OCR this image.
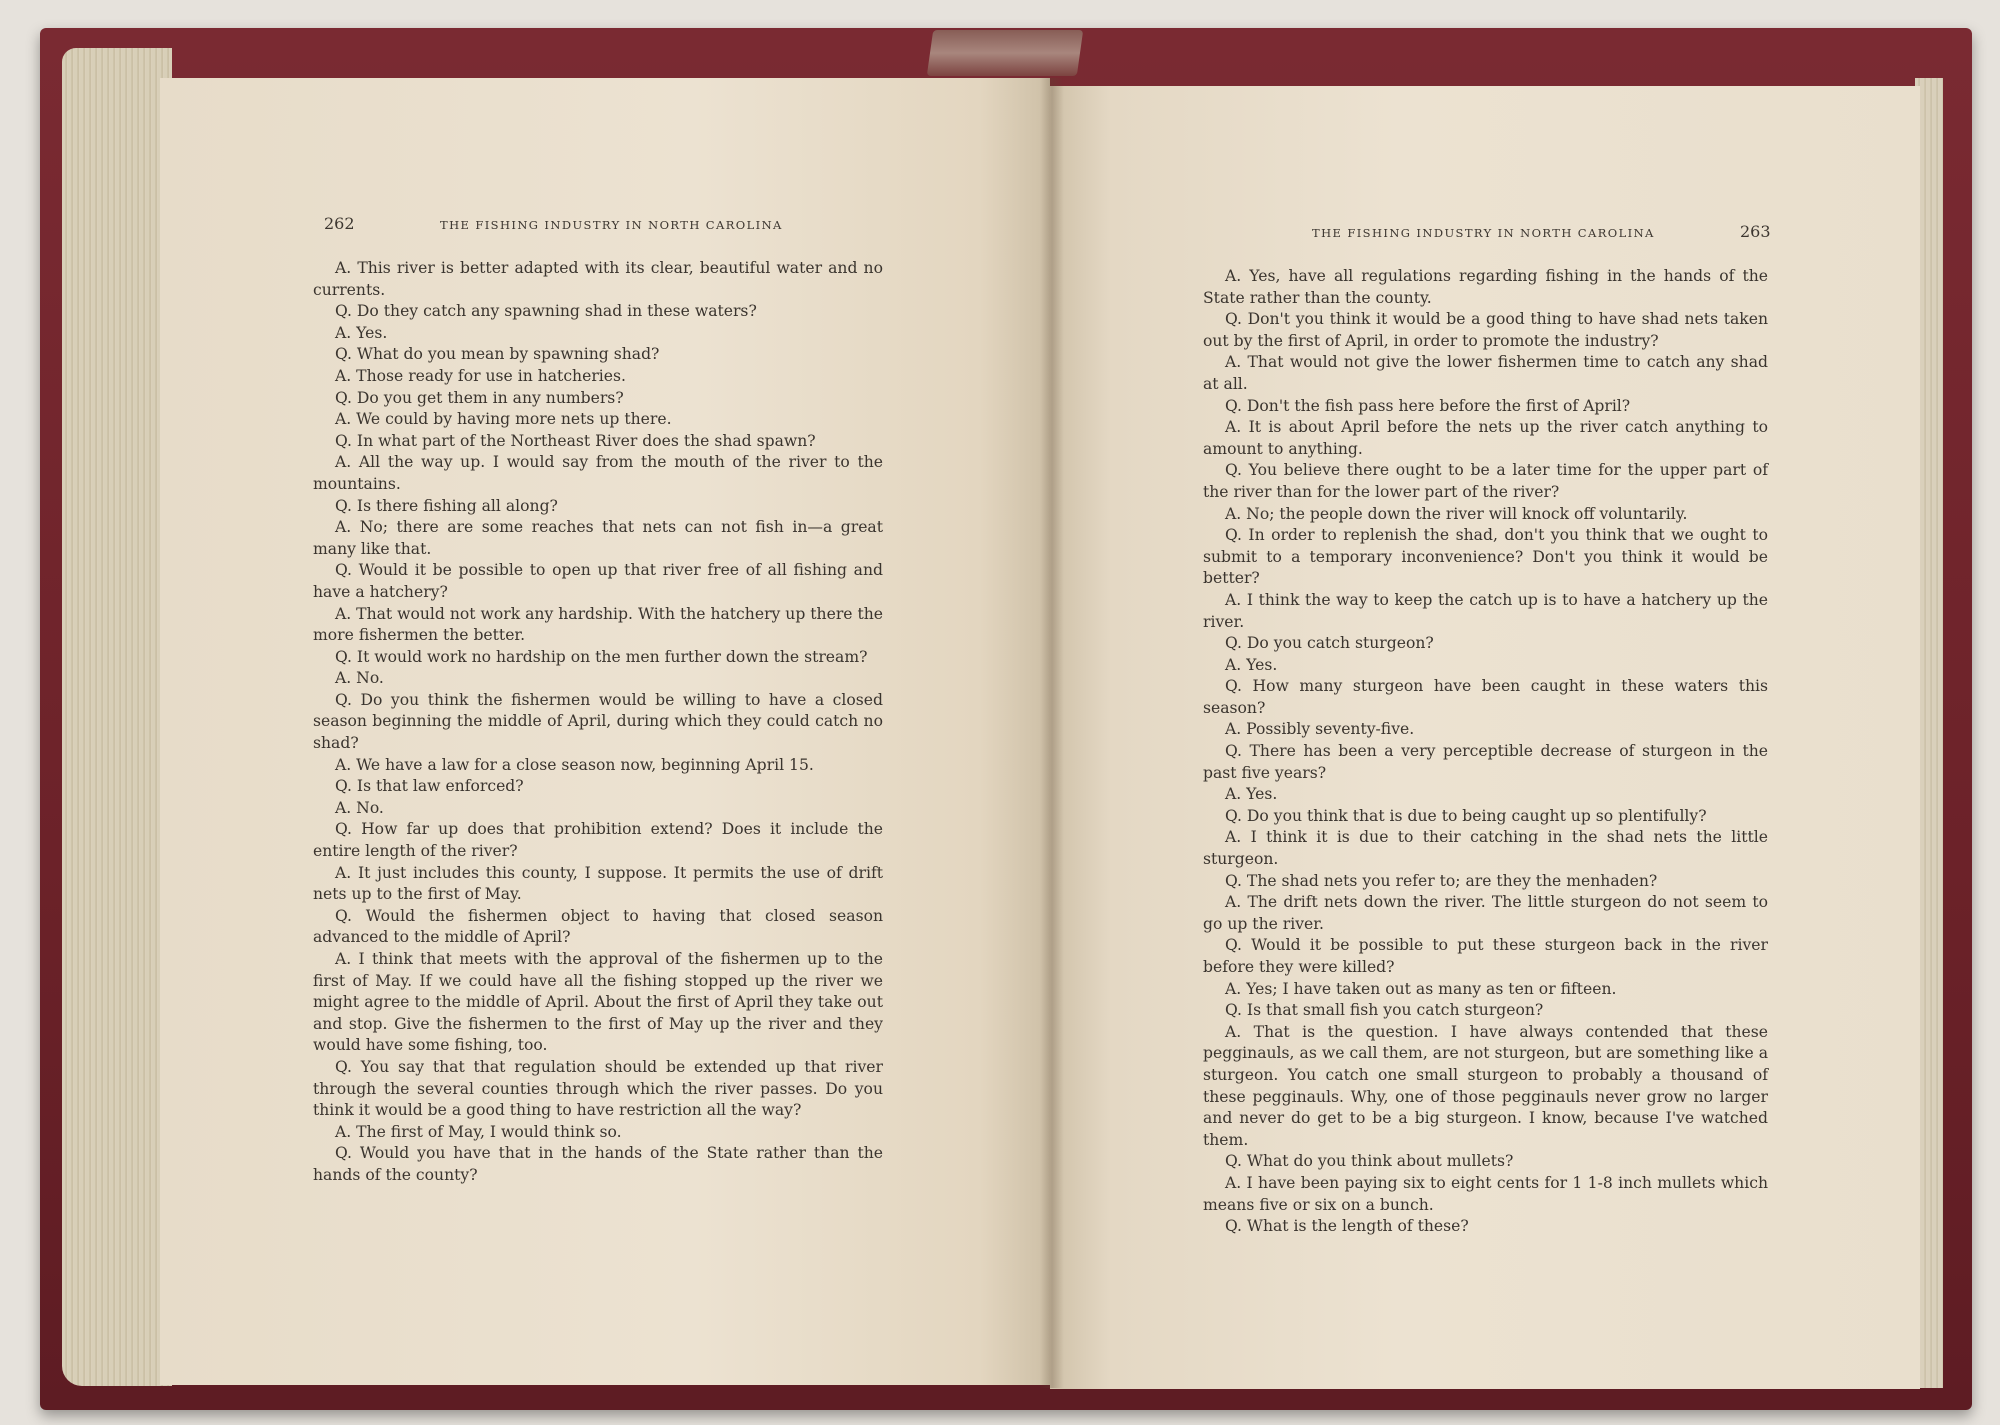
262	THE FISHING INDUSTRY IN NORTH CAROLINA

A. This river is better adapted with its clear, beautiful water and no currents.

Q. Do they catch any spawning shad in these waters?

A. Yes.

Q. What do you mean by spawning shad?

A. Those ready for use in hatcheries.

Q. Do you get them in any numbers?

A. We could by having more nets up there.

Q. In what part of the Northeast River does the shad spawn?

A. All the way up. I would say from the mouth of the river to the mountains.

Q. Is there fishing all along?

A. No; there are some reaches that nets can not fish in—a great many like that.

Q. Would it be possible to open up that river free of all fishing and have a hatchery?

A. That would not work any hardship. With the hatchery up there the more fishermen the better.

Q. It would work no hardship on the men further down the stream?

A. No.

Q. Do you think the fishermen would be willing to have a closed season beginning the middle of April, during which they could catch no shad?

A. We have a law for a close season now, beginning April 15.

Q. Is that law enforced?

A. No.

Q. How far up does that prohibition extend? Does it include the entire length of the river?

A. It just includes this county, I suppose. It permits the use of drift nets up to the first of May.

Q. Would the fishermen object to having that closed season advanced to the middle of April?

A. I think that meets with the approval of the fishermen up to the first of May. If we could have all the fishing stopped up the river we might agree to the middle of April. About the first of April they take out and stop. Give the fishermen to the first of May up the river and they would have some fishing, too.

Q. You say that that regulation should be extended up that river through the several counties through which the river passes. Do you think it would be a good thing to have restriction all the way?

A. The first of May, I would think so.

Q. Would you have that in the hands of the State rather than the hands of the county?

THE FISHING INDUSTRY IN NORTH CAROLINA	263

A. Yes, have all regulations regarding fishing in the hands of the State rather than the county.

Q. Don't you think it would be a good thing to have shad nets taken out by the first of April, in order to promote the industry?

A. That would not give the lower fishermen time to catch any shad at all.

Q. Don't the fish pass here before the first of April?

A. It is about April before the nets up the river catch anything to amount to anything.

Q. You believe there ought to be a later time for the upper part of the river than for the lower part of the river?

A. No; the people down the river will knock off voluntarily.

Q. In order to replenish the shad, don't you think that we ought to submit to a temporary inconvenience? Don't you think it would be better?

A. I think the way to keep the catch up is to have a hatchery up the river.

Q. Do you catch sturgeon?

A. Yes.

Q. How many sturgeon have been caught in these waters this season?

A. Possibly seventy-five.

Q. There has been a very perceptible decrease of sturgeon in the past five years?

A. Yes.

Q. Do you think that is due to being caught up so plentifully?

A. I think it is due to their catching in the shad nets the little sturgeon.

Q. The shad nets you refer to; are they the menhaden?

A. The drift nets down the river. The little sturgeon do not seem to go up the river.

Q. Would it be possible to put these sturgeon back in the river before they were killed?

A. Yes; I have taken out as many as ten or fifteen.

Q. Is that small fish you catch sturgeon?

A. That is the question. I have always contended that these pegginauls, as we call them, are not sturgeon, but are something like a sturgeon. You catch one small sturgeon to probably a thousand of these pegginauls. Why, one of those pegginauls never grow no larger and never do get to be a big sturgeon. I know, because I've watched them.

Q. What do you think about mullets?

A. I have been paying six to eight cents for 1 1-8 inch mullets which means five or six on a bunch.

Q. What is the length of these?
